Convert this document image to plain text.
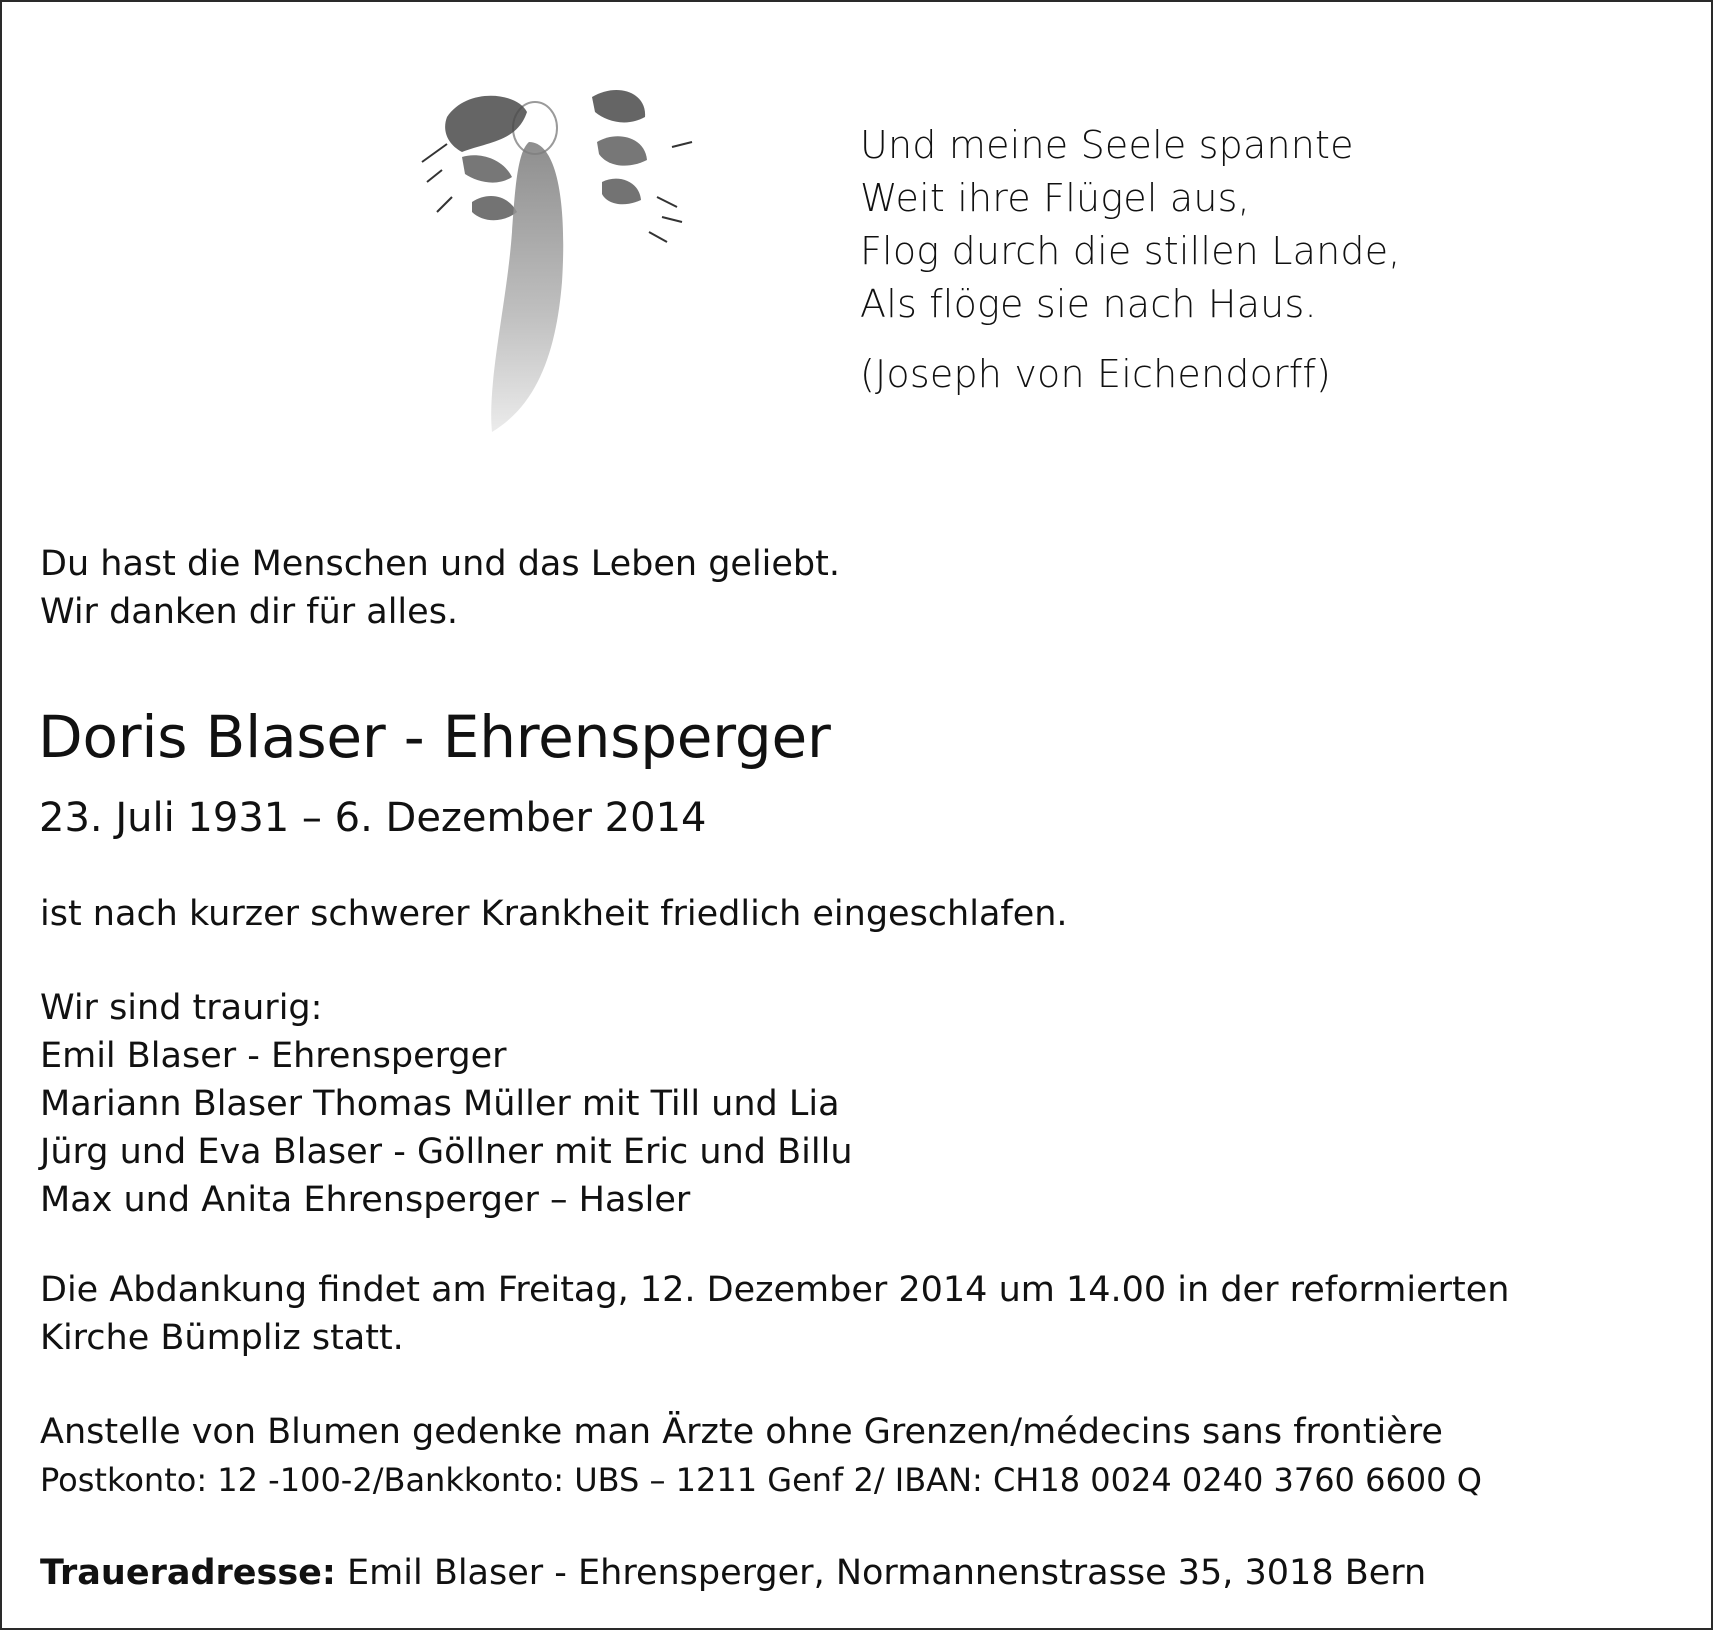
Und meine Seele spannte
Weit ihre Flügel aus,
Flog durch die stillen Lande,
Als flöge sie nach Haus.
(Joseph von Eichendorff)
Du hast die Menschen und das Leben geliebt.
Wir danken dir für alles.
Doris Blaser - Ehrensperger
23. Juli 1931 – 6. Dezember 2014
ist nach kurzer schwerer Krankheit friedlich eingeschlafen.
Wir sind traurig:
Emil Blaser - Ehrensperger
Mariann Blaser Thomas Müller mit Till und Lia
Jürg und Eva Blaser - Göllner mit Eric und Billu
Max und Anita Ehrensperger – Hasler
Die Abdankung findet am Freitag, 12. Dezember 2014 um 14.00 in der reformierten
Kirche Bümpliz statt.
Anstelle von Blumen gedenke man Ärzte ohne Grenzen/médecins sans frontière
Postkonto: 12 -100-2/Bankkonto: UBS – 1211 Genf 2/ IBAN: CH18 0024 0240 3760 6600 Q
Traueradresse: Emil Blaser - Ehrensperger, Normannenstrasse 35, 3018 Bern
